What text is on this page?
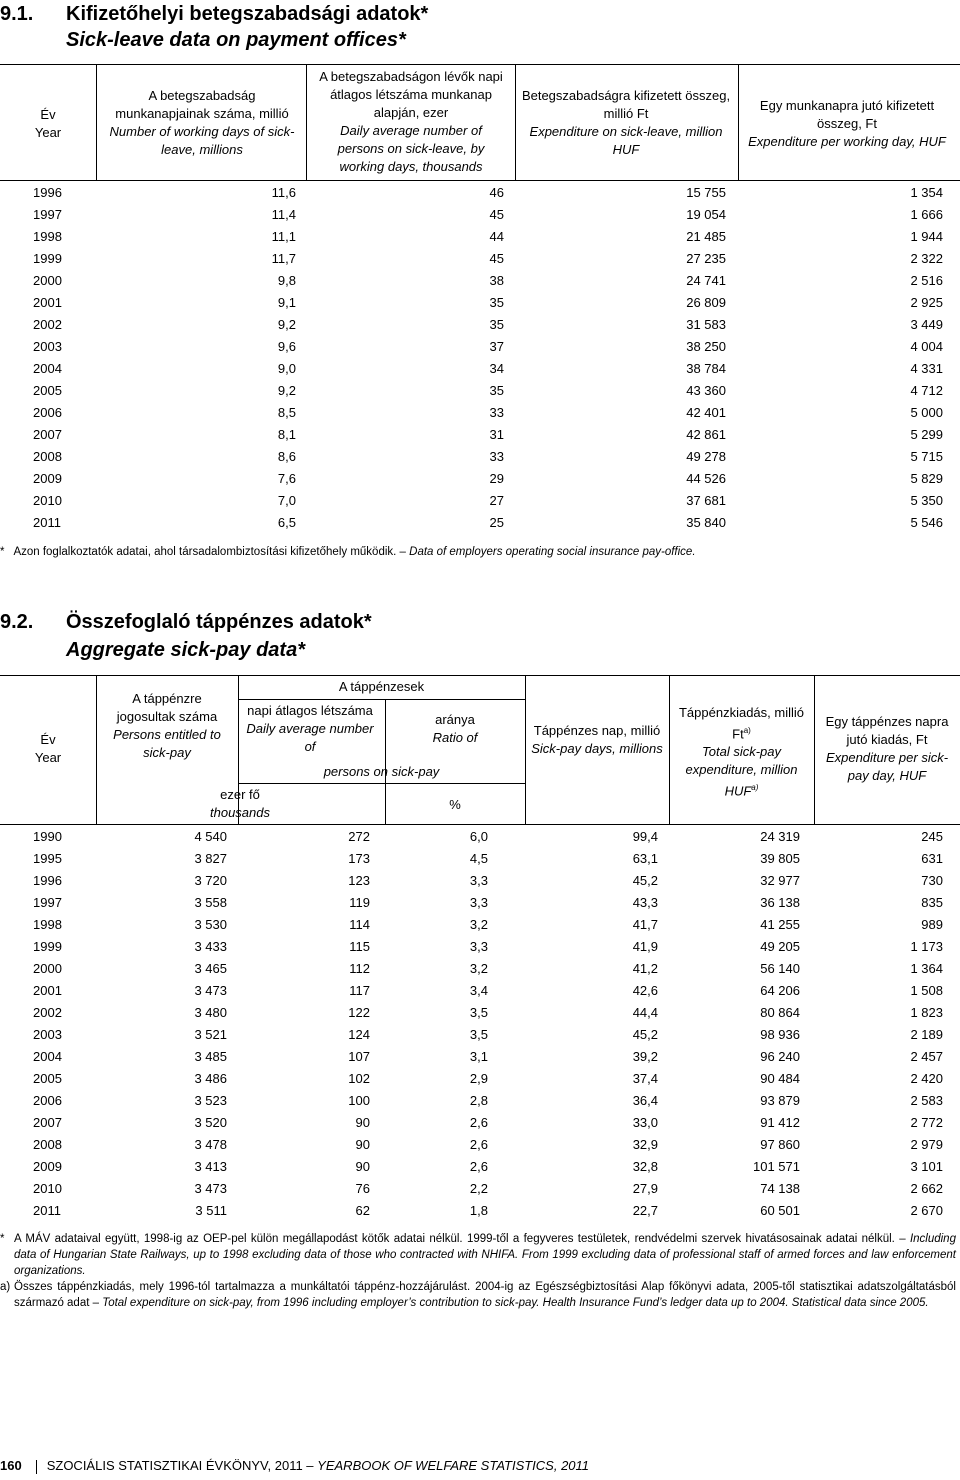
9.1. Kifizetőhelyi betegszabadsági adatok*
Sick-leave data on payment offices*
Év
Year
A betegszabadság munkanapjainak száma, millió
Number of working days of sick-leave, millions
A betegszabadságon lévők napi átlagos létszáma munkanap alapján, ezer
Daily average number of persons on sick-leave, by working days, thousands
Betegszabadságra kifizetett összeg, millió Ft
Expenditure on sick-leave, million HUF
Egy munkanapra jutó kifizetett összeg, Ft
Expenditure per working day, HUF
1996	11,6	46	15 755	1 354
1997	11,4	45	19 054	1 666
1998	11,1	44	21 485	1 944
1999	11,7	45	27 235	2 322
2000	9,8	38	24 741	2 516
2001	9,1	35	26 809	2 925
2002	9,2	35	31 583	3 449
2003	9,6	37	38 250	4 004
2004	9,0	34	38 784	4 331
2005	9,2	35	43 360	4 712
2006	8,5	33	42 401	5 000
2007	8,1	31	42 861	5 299
2008	8,6	33	49 278	5 715
2009	7,6	29	44 526	5 829
2010	7,0	27	37 681	5 350
2011	6,5	25	35 840	5 546
* Azon foglalkoztatók adatai, ahol társadalombiztosítási kifizetőhely működik. – Data of employers operating social insurance pay-office.
9.2. Összefoglaló táppénzes adatok*
Aggregate sick-pay data*
Év
Year
A táppénzre jogosultak száma
Persons entitled to sick-pay
A táppénzesek
napi átlagos létszáma
Daily average number of
aránya
Ratio of
persons on sick-pay
ezer fő
thousands
%
Táppénzes nap, millió
Sick-pay days, millions
Táppénzkiadás, millió Ft$^{a)}$
Total sick-pay expenditure, million HUF$^{a)}$
Egy táppénzes napra jutó kiadás, Ft
Expenditure per sick-pay day, HUF
1990	4 540	272	6,0	99,4	24 319	245
1995	3 827	173	4,5	63,1	39 805	631
1996	3 720	123	3,3	45,2	32 977	730
1997	3 558	119	3,3	43,3	36 138	835
1998	3 530	114	3,2	41,7	41 255	989
1999	3 433	115	3,3	41,9	49 205	1 173
2000	3 465	112	3,2	41,2	56 140	1 364
2001	3 473	117	3,4	42,6	64 206	1 508
2002	3 480	122	3,5	44,4	80 864	1 823
2003	3 521	124	3,5	45,2	98 936	2 189
2004	3 485	107	3,1	39,2	96 240	2 457
2005	3 486	102	2,9	37,4	90 484	2 420
2006	3 523	100	2,8	36,4	93 879	2 583
2007	3 520	90	2,6	33,0	91 412	2 772
2008	3 478	90	2,6	32,9	97 860	2 979
2009	3 413	90	2,6	32,8	101 571	3 101
2010	3 473	76	2,2	27,9	74 138	2 662
2011	3 511	62	1,8	22,7	60 501	2 670
* A MÁV adataival együtt, 1998-ig az OEP-pel külön megállapodást kötők adatai nélkül. 1999-től a fegyveres testületek, rendvédelmi szervek hivatásosainak adatai nélkül. – Including data of Hungarian State Railways, up to 1998 excluding data of those who contracted with NHIFA. From 1999 excluding data of professional staff of armed forces and law enforcement organizations.
a) Összes táppénzkiadás, mely 1996-tól tartalmazza a munkáltatói táppénz-hozzájárulást. 2004-ig az Egészségbiztosítási Alap főkönyvi adata, 2005-től statisztikai adatszolgáltatásból származó adat – Total expenditure on sick-pay, from 1996 including employer’s contribution to sick-pay. Health Insurance Fund’s ledger data up to 2004. Statistical data since 2005.
160 SZOCIÁLIS STATISZTIKAI ÉVKÖNYV, 2011 – YEARBOOK OF WELFARE STATISTICS, 2011
